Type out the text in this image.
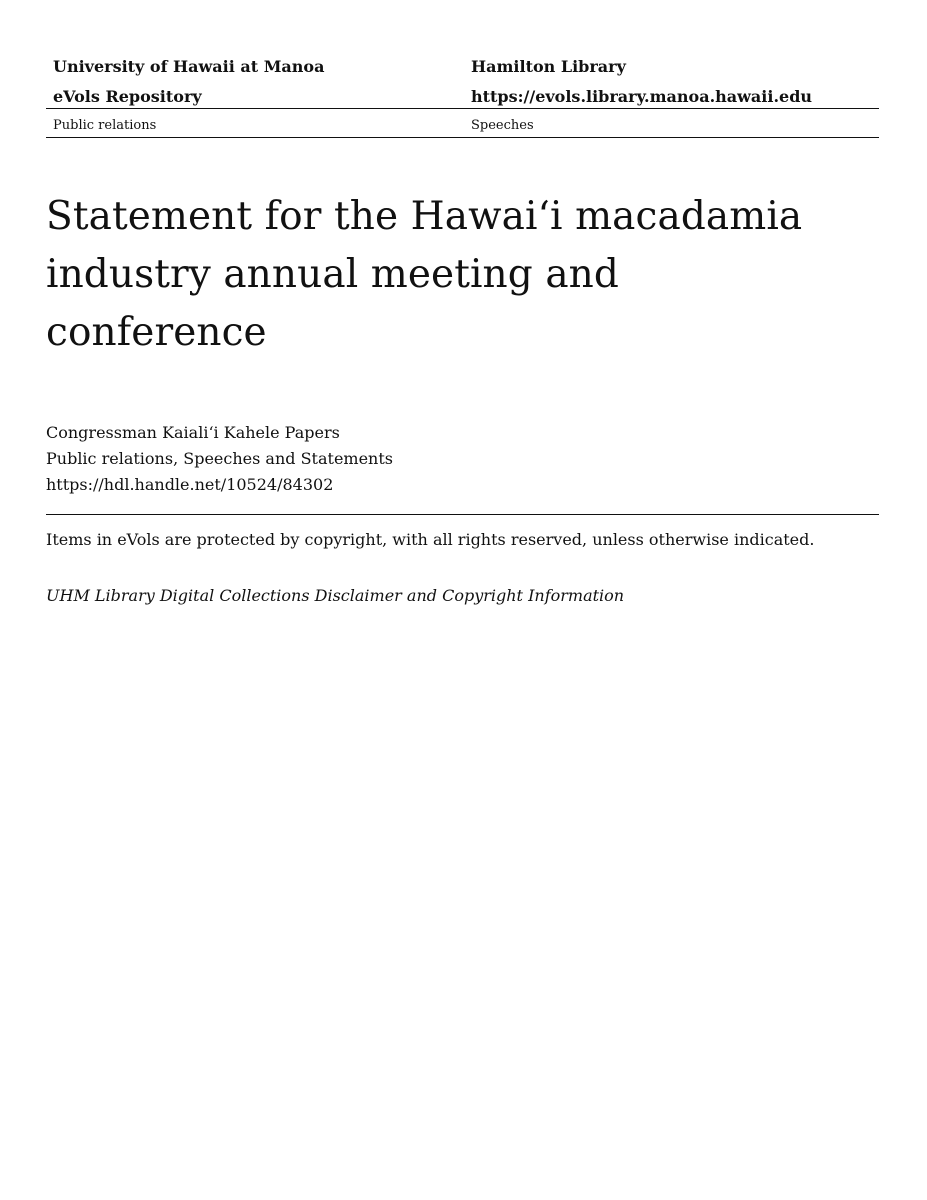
University of Hawaii at Manoa	Hamilton Library
eVols Repository	https://evols.library.manoa.hawaii.edu
Public relations	Speeches
Statement for the Hawaiʻi macadamia industry annual meeting and conference
Congressman Kaialiʻi Kahele Papers
Public relations, Speeches and Statements
https://hdl.handle.net/10524/84302
Items in eVols are protected by copyright, with all rights reserved, unless otherwise indicated.
UHM Library Digital Collections Disclaimer and Copyright Information
